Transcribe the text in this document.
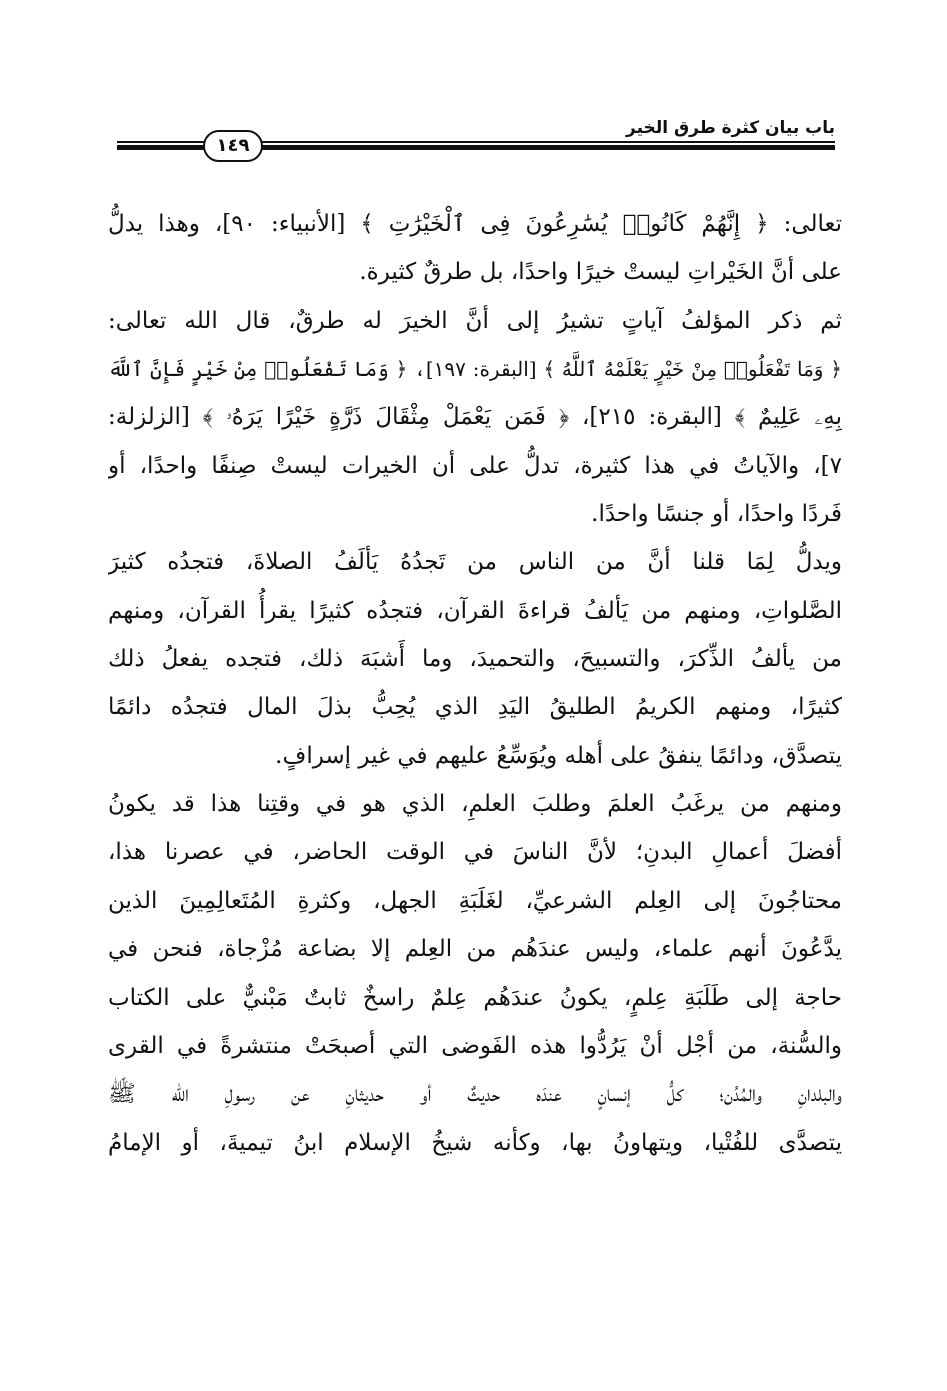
باب بيان كثرة طرق الخير
١٤٩
تعالى: ﴿ إِنَّهُمْ كَانُوا۟ يُسَٰرِعُونَ فِى ٱلْخَيْرَٰتِ ﴾ [الأنبياء: ٩٠]، وهذا يدلُّ
على أنَّ الخَيْراتِ ليستْ خيرًا واحدًا، بل طرقٌ كثيرة.
ثم ذكر المؤلفُ آياتٍ تشيرُ إلى أنَّ الخيرَ له طرقٌ، قال الله تعالى:
﴿ وَمَا تَفْعَلُوا۟ مِنْ خَيْرٍ يَعْلَمْهُ ٱللَّهُ ﴾ [البقرة: ١٩٧]، ﴿ وَمَا تَفْعَلُوا۟ مِنْ خَيْرٍ فَإِنَّ ٱللَّهَ
بِهِۦ عَلِيمٌ ﴾ [البقرة: ٢١٥]، ﴿ فَمَن يَعْمَلْ مِثْقَالَ ذَرَّةٍ خَيْرًا يَرَهُۥ ﴾ [الزلزلة:
٧]، والآياتُ في هذا كثيرة، تدلُّ على أن الخيرات ليستْ صِنفًا واحدًا، أو
فَردًا واحدًا، أو جنسًا واحدًا.
ويدلُّ لِمَا قلنا أنَّ من الناس من تَجدُهُ يَألَفُ الصلاةَ، فتجدُه كثيرَ
الصَّلواتِ، ومنهم من يَألفُ قراءةَ القرآن، فتجدُه كثيرًا يقرأُ القرآن، ومنهم
من يألفُ الذِّكرَ، والتسبيحَ، والتحميدَ، وما أَشبَهَ ذلك، فتجده يفعلُ ذلك
كثيرًا، ومنهم الكريمُ الطليقُ اليَدِ الذي يُحِبُّ بذلَ المال فتجدُه دائمًا
يتصدَّق، ودائمًا ينفقُ على أهله ويُوَسِّعُ عليهم في غير إسرافٍ.
ومنهم من يرغَبُ العلمَ وطلبَ العلمِ، الذي هو في وقتِنا هذا قد يكونُ
أفضلَ أعمالِ البدنِ؛ لأنَّ الناسَ في الوقت الحاضر، في عصرنا هذا،
محتاجُونَ إلى العِلم الشرعيِّ، لغَلَبَةِ الجهل، وكثرةِ المُتَعالِمِينَ الذين
يدَّعُونَ أنهم علماء، وليس عندَهُم من العِلم إلا بضاعة مُزْجاة، فنحن في
حاجة إلى طَلَبَةِ عِلمٍ، يكونُ عندَهُم عِلمٌ راسخٌ ثابتٌ مَبْنيٌّ على الكتاب
والسُّنة، من أجْل أنْ يَرُدُّوا هذه الفَوضى التي أصبحَتْ منتشرةً في القرى
والبلدانِ والمُدُن؛ كلُّ إنسانٍ عندَه حديثٌ أو حديثانِ عن رسولِ الله ﷺ
يتصدَّى للفُتْيا، ويتهاونُ بها، وكأنه شيخُ الإسلام ابنُ تيميةَ، أو الإمامُ
